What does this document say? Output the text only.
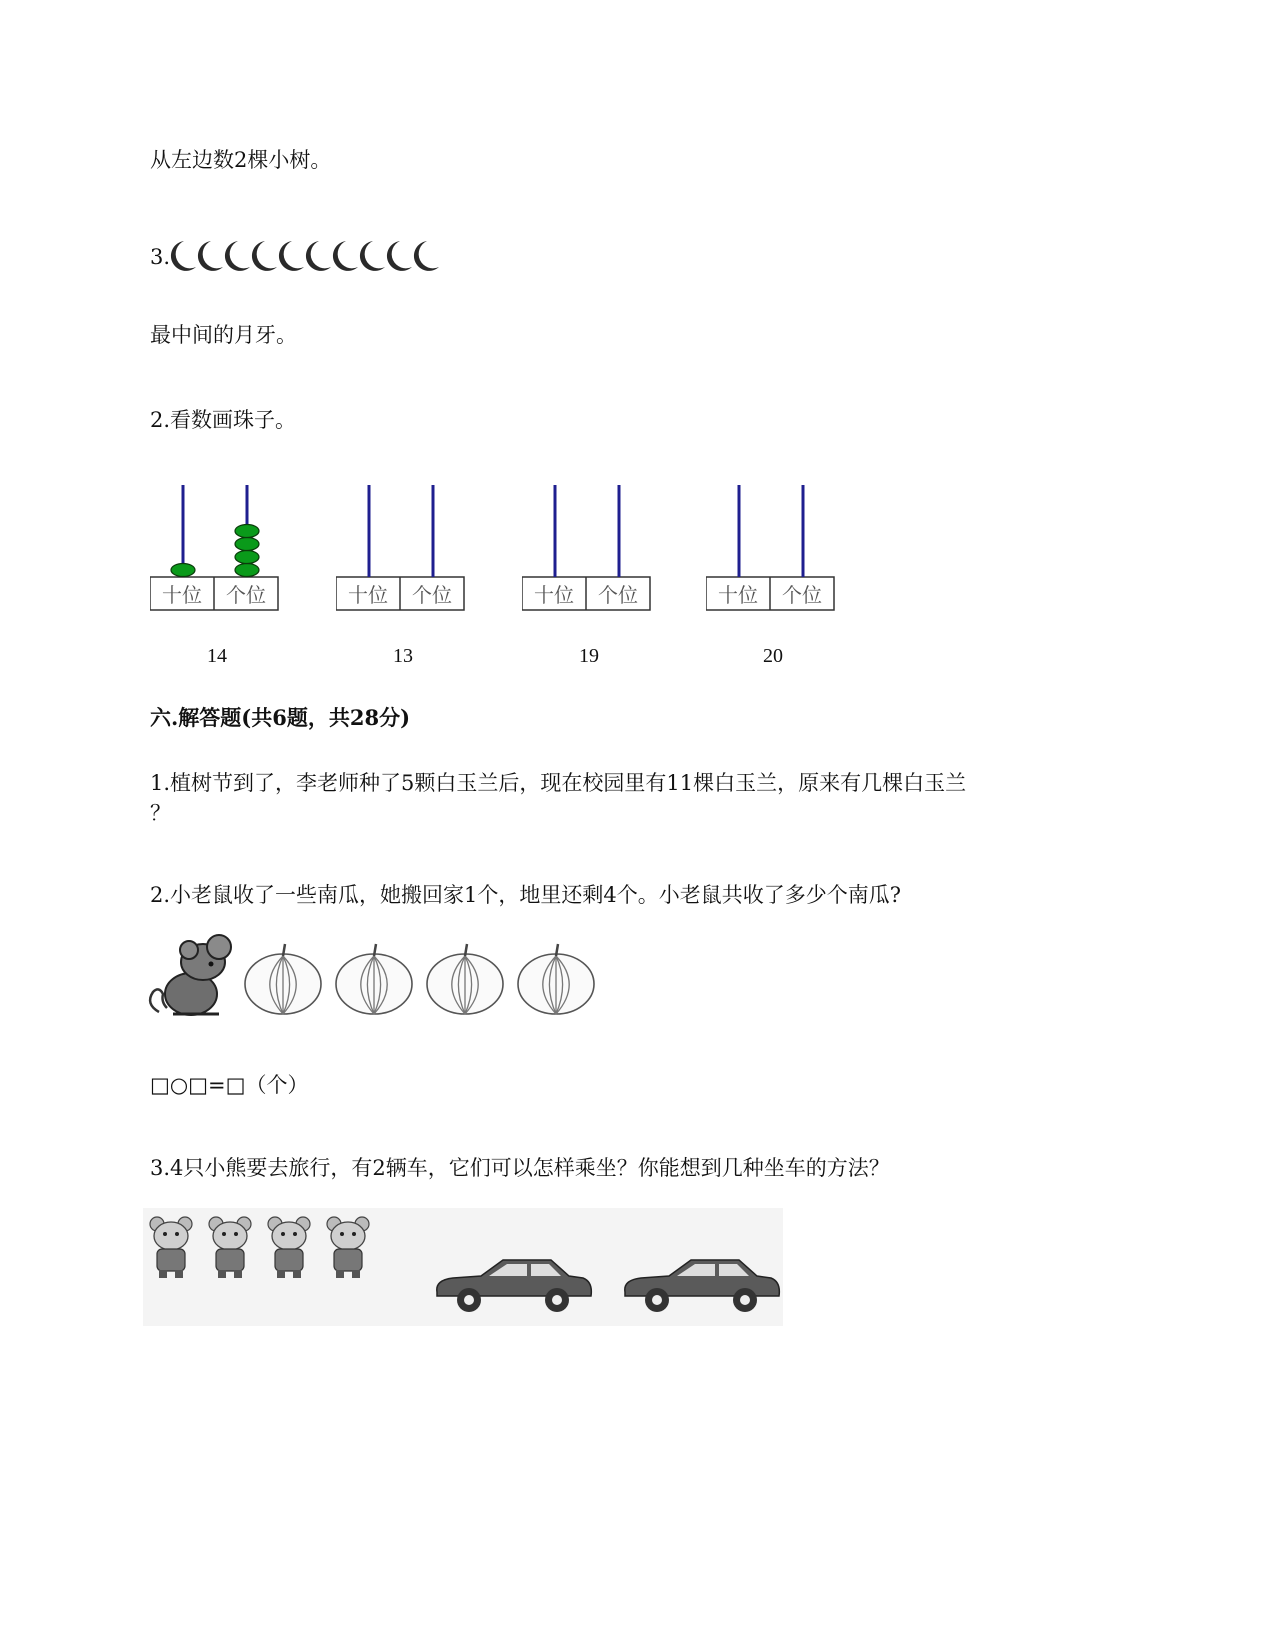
从左边数2棵小树。
3.
最中间的月牙。
2.看数画珠子。
十位 个位
14
十位 个位
13
十位 个位
19
十位 个位
20
六.解答题(共6题，共28分)
1.植树节到了，李老师种了5颗白玉兰后，现在校园里有11棵白玉兰，原来有几棵白玉兰
？
2.小老鼠收了一些南瓜，她搬回家1个，地里还剩4个。小老鼠共收了多少个南瓜?
□○□=□（个）
3.4只小熊要去旅行，有2辆车，它们可以怎样乘坐？你能想到几种坐车的方法？
